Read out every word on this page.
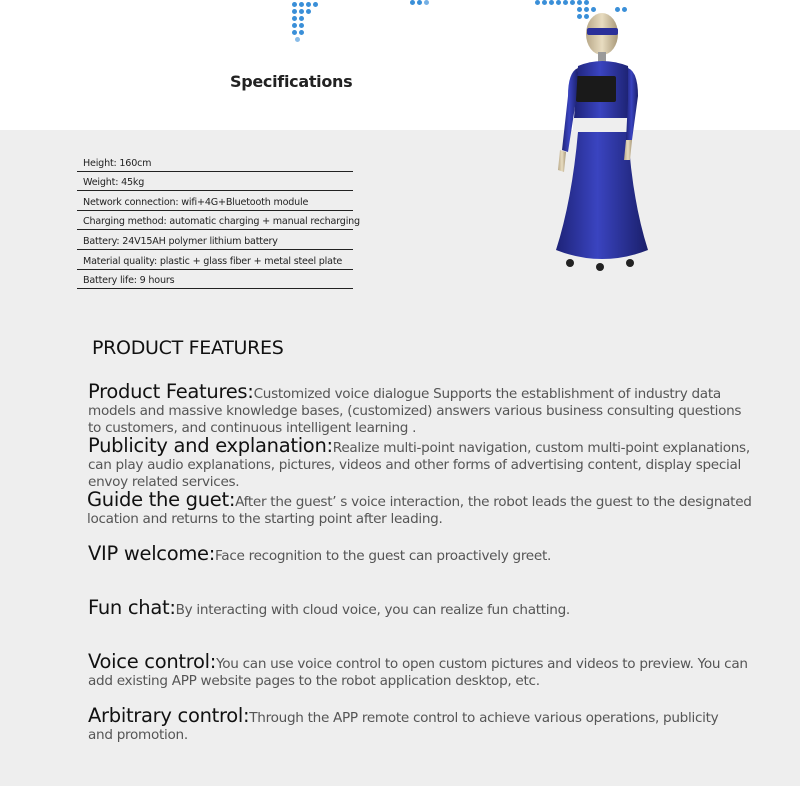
Specifications
Height: 160cm
Weight: 45kg
Network connection: wifi+4G+Bluetooth module
Charging method: automatic charging + manual recharging
Battery: 24V15AH polymer lithium battery
Material quality: plastic + glass fiber + metal steel plate
Battery life: 9 hours
PRODUCT FEATURES
Product Features:Customized voice dialogue Supports the establishment of industry data models and massive knowledge bases, (customized) answers various business consulting questions to customers, and continuous intelligent learning .
Publicity and explanation:Realize multi-point navigation, custom multi-point explanations, can play audio explanations, pictures, videos and other forms of advertising content, display special envoy related services.
Guide the guet:After the guest’ s voice interaction, the robot leads the guest to the designated location and returns to the starting point after leading.
VIP welcome:Face recognition to the guest can proactively greet.
Fun chat:By interacting with cloud voice, you can realize fun chatting.
Voice control:You can use voice control to open custom pictures and videos to preview. You can add existing APP website pages to the robot application desktop, etc.
Arbitrary control:Through the APP remote control to achieve various operations, publicity and promotion.
